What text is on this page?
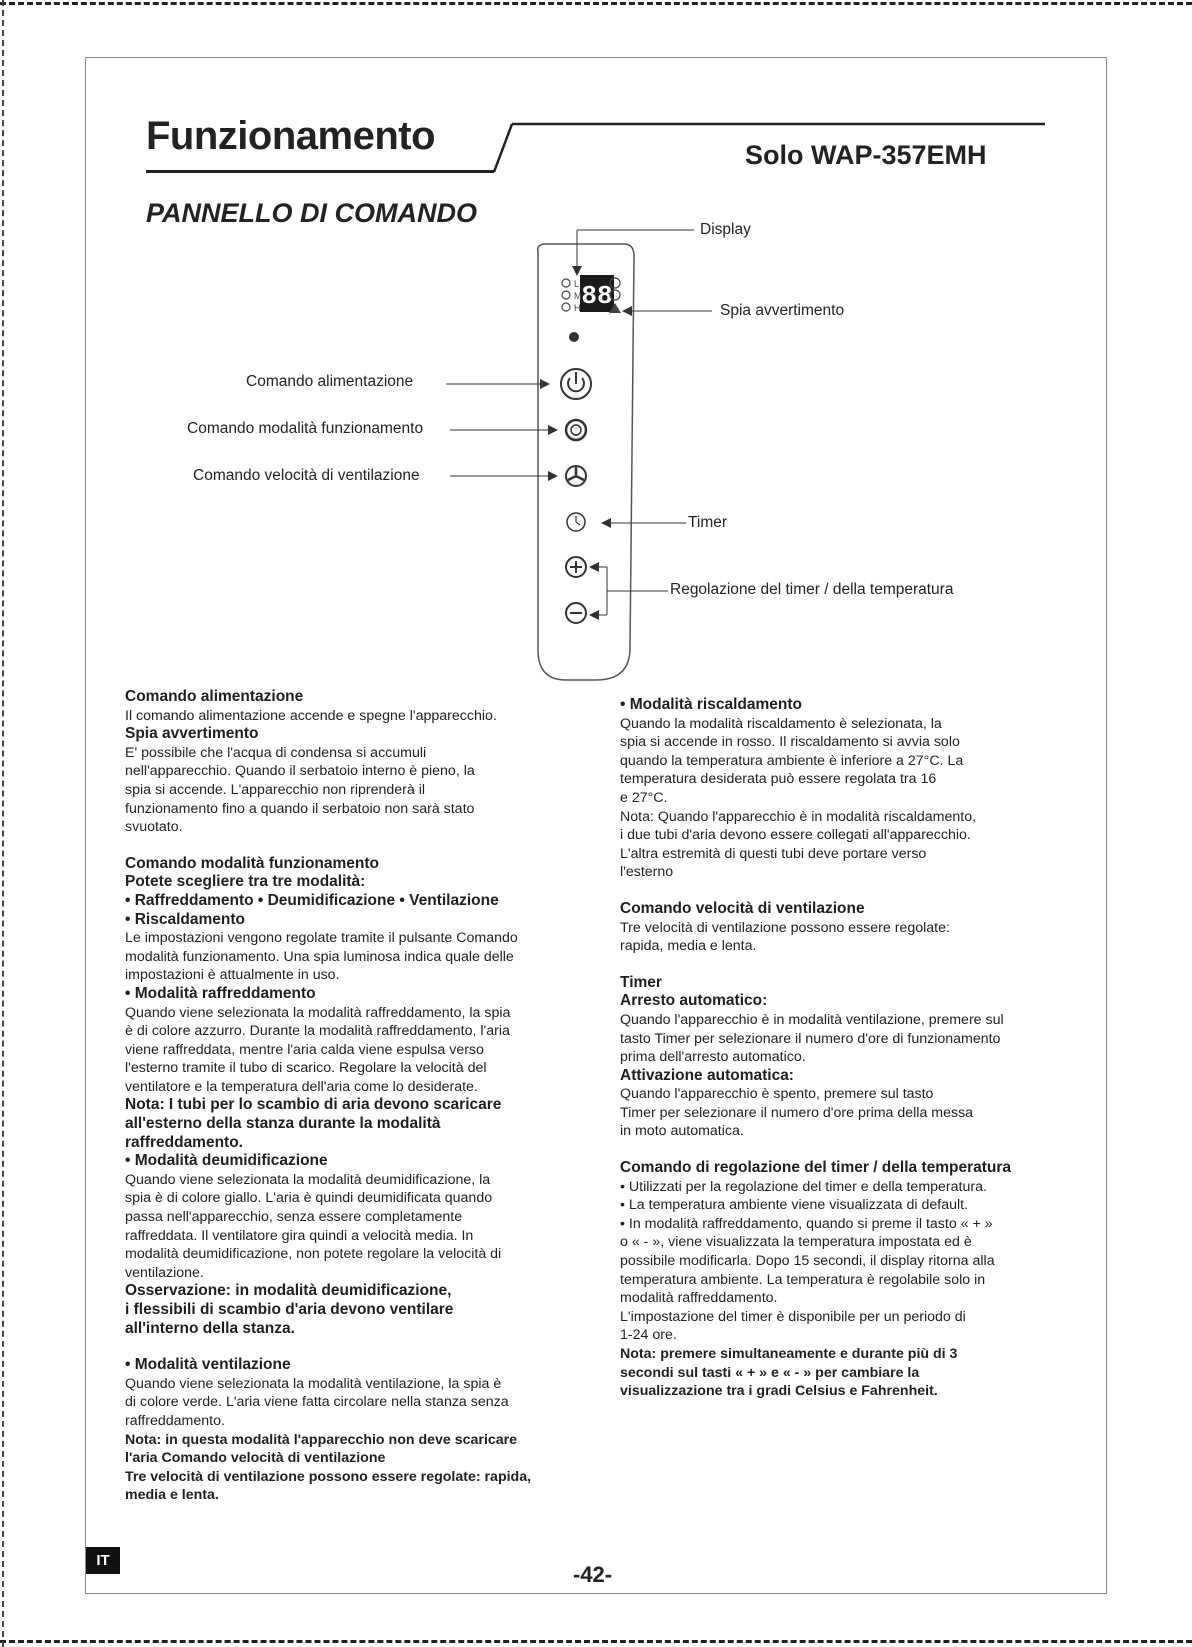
Funzionamento	Solo WAP-357EMH
PANNELLO DI COMANDO
88
L
M
H
Display
Spia avvertimento
Comando alimentazione
Comando modalità funzionamento
Comando velocità di ventilazione
Timer
Regolazione del timer / della temperatura

Comando alimentazione

Il comando alimentazione accende e spegne l'apparecchio.

Spia avvertimento

E' possibile che l'acqua di condensa si accumuli

nell'apparecchio. Quando il serbatoio interno è pieno, la

spia si accende. L'apparecchio non riprenderà il

funzionamento fino a quando il serbatoio non sarà stato

svuotato.

Comando modalità funzionamento

Potete scegliere tra tre modalità:

• Raffreddamento • Deumidificazione • Ventilazione

• Riscaldamento

Le impostazioni vengono regolate tramite il pulsante Comando

modalità funzionamento. Una spia luminosa indica quale delle

impostazioni è attualmente in uso.

• Modalità raffreddamento

Quando viene selezionata la modalità raffreddamento, la spia

è di colore azzurro. Durante la modalità raffreddamento, l'aria

viene raffreddata, mentre l'aria calda viene espulsa verso

l'esterno tramite il tubo di scarico. Regolare la velocità del

ventilatore e la temperatura dell'aria come lo desiderate.

Nota: I tubi per lo scambio di aria devono scaricare

all'esterno della stanza durante la modalità

raffreddamento.

• Modalità deumidificazione

Quando viene selezionata la modalità deumidificazione, la

spia è di colore giallo. L'aria è quindi deumidificata quando

passa nell'apparecchio, senza essere completamente

raffreddata. Il ventilatore gira quindi a velocità media. In

modalità deumidificazione, non potete regolare la velocità di

ventilazione.

Osservazione: in modalità deumidificazione,

i flessibili di scambio d'aria devono ventilare

all'interno della stanza.

• Modalità ventilazione

Quando viene selezionata la modalità ventilazione, la spia è

di colore verde. L'aria viene fatta circolare nella stanza senza

raffreddamento.

Nota: in questa modalità l'apparecchio non deve scaricare

l'aria Comando velocità di ventilazione

Tre velocità di ventilazione possono essere regolate: rapida,

media e lenta.

• Modalità riscaldamento

Quando la modalità riscaldamento è selezionata, la

spia si accende in rosso. Il riscaldamento si avvia solo

quando la temperatura ambiente è inferiore a 27°C. La

temperatura desiderata può essere regolata tra 16

e 27°C.

Nota: Quando l'apparecchio è in modalità riscaldamento,

i due tubi d'aria devono essere collegati all'apparecchio.

L'altra estremità di questi tubi deve portare verso

l'esterno

Comando velocità di ventilazione

Tre velocità di ventilazione possono essere regolate:

rapida, media e lenta.

Timer

Arresto automatico:

Quando l'apparecchio è in modalità ventilazione, premere sul

tasto Timer per selezionare il numero d'ore di funzionamento

prima dell'arresto automatico.

Attivazione automatica:

Quando l'apparecchio è spento, premere sul tasto

Timer per selezionare il numero d'ore prima della messa

in moto automatica.

Comando di regolazione del timer / della temperatura

• Utilizzati per la regolazione del timer e della temperatura.

• La temperatura ambiente viene visualizzata di default.

• In modalità raffreddamento, quando si preme il tasto « + »

o « - », viene visualizzata la temperatura impostata ed è

possibile modificarla. Dopo 15 secondi, il display ritorna alla

temperatura ambiente. La temperatura è regolabile solo in

modalità raffreddamento.

L'impostazione del timer è disponibile per un periodo di

1-24 ore.

Nota: premere simultaneamente e durante più di 3

secondi sul tasti « + » e « - » per cambiare la

visualizzazione tra i gradi Celsius e Fahrenheit.

IT
-42-
